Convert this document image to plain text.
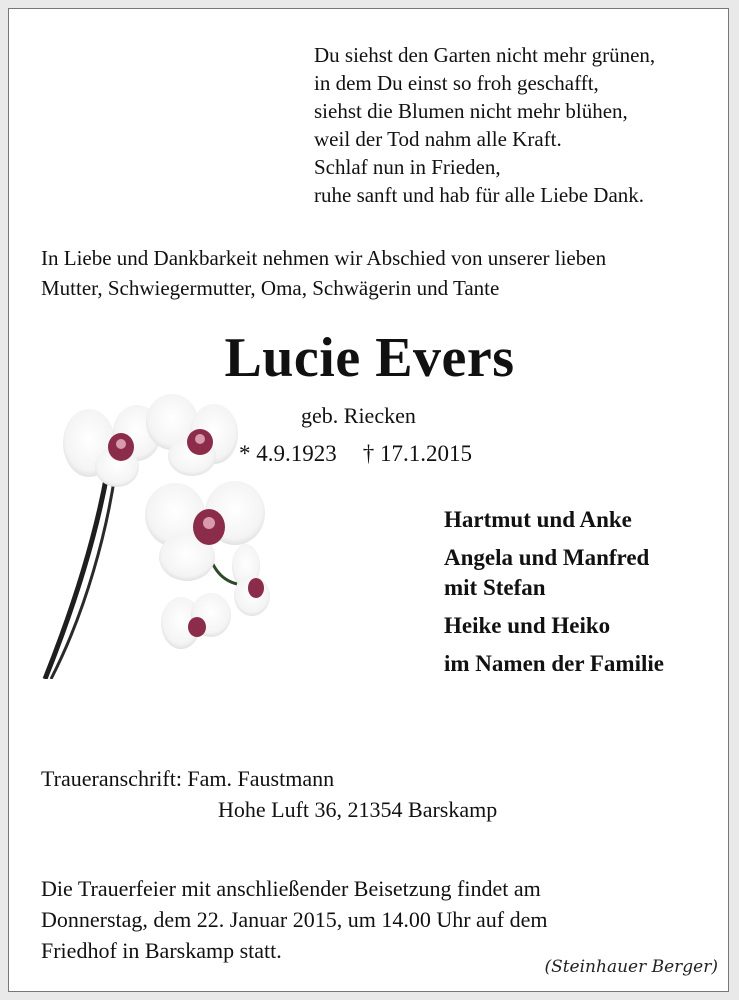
Du siehst den Garten nicht mehr grünen,
in dem Du einst so froh geschafft,
siehst die Blumen nicht mehr blühen,
weil der Tod nahm alle Kraft.
Schlaf nun in Frieden,
ruhe sanft und hab für alle Liebe Dank.
In Liebe und Dankbarkeit nehmen wir Abschied von unserer lieben
Mutter, Schwiegermutter, Oma, Schwägerin und Tante
Lucie Evers
geb. Riecken
* 4.9.1923 † 17.1.2015
Hartmut und Anke
Angela und Manfred
mit Stefan
Heike und Heiko
im Namen der Familie
Traueranschrift: Fam. Faustmann
Hohe Luft 36, 21354 Barskamp
Die Trauerfeier mit anschließender Beisetzung findet am
Donnerstag, dem 22. Januar 2015, um 14.00 Uhr auf dem
Friedhof in Barskamp statt.
(Steinhauer Berger)
